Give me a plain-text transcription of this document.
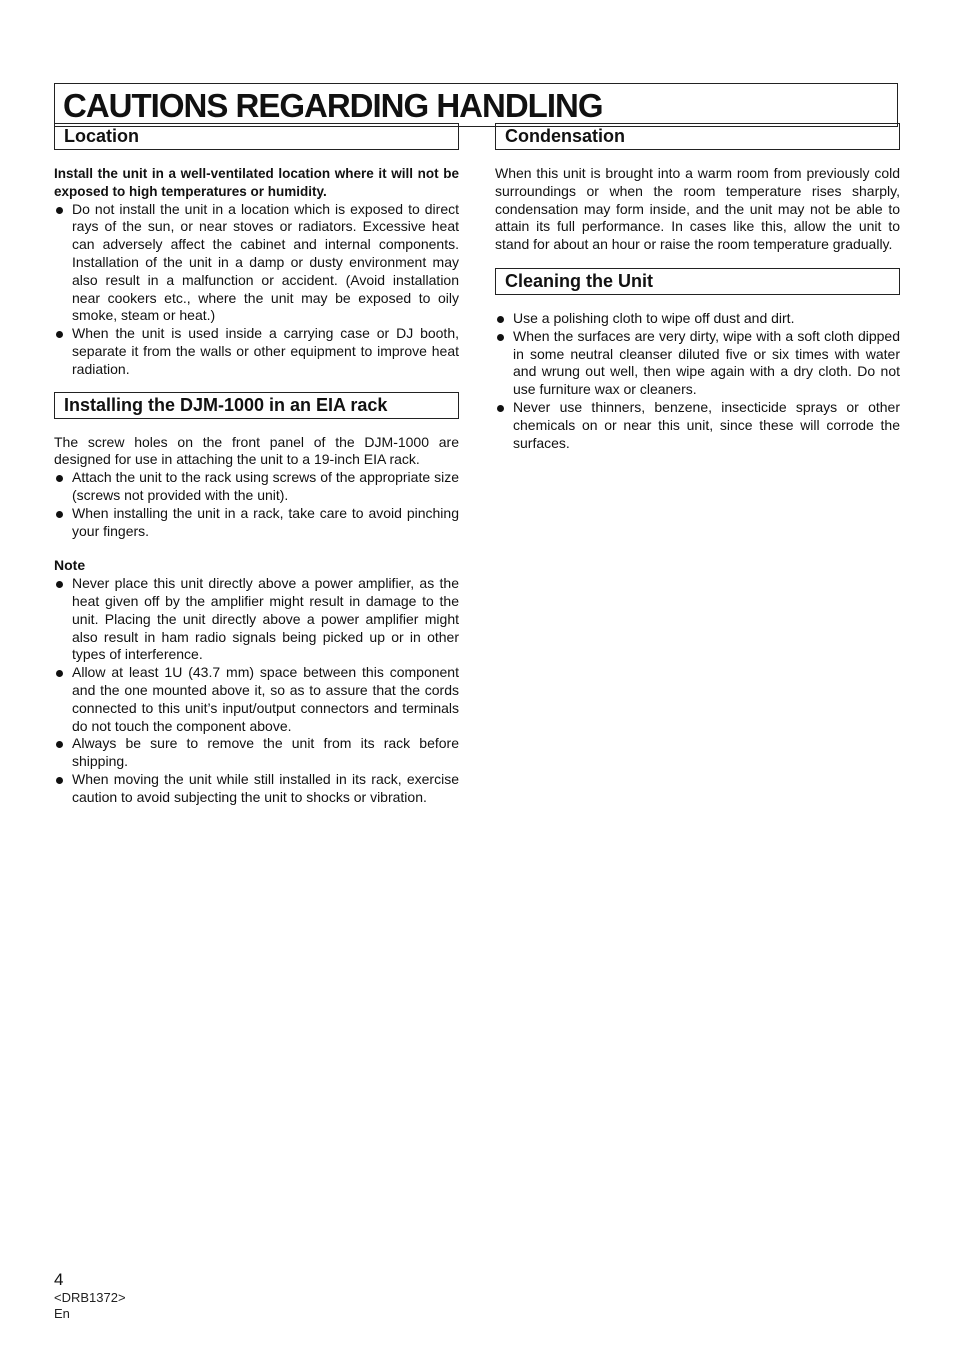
CAUTIONS REGARDING HANDLING
Location

Install the unit in a well-ventilated location where it will not be exposed to high temperatures or humidity.

Do not install the unit in a location which is exposed to direct rays of the sun, or near stoves or radiators. Excessive heat can adversely affect the cabinet and internal components. Installation of the unit in a damp or dusty environment may also result in a malfunction or accident. (Avoid installation near cookers etc., where the unit may be exposed to oily smoke, steam or heat.)
When the unit is used inside a carrying case or DJ booth, separate it from the walls or other equipment to improve heat radiation.
Installing the DJM-1000 in an EIA rack

The screw holes on the front panel of the DJM-1000 are designed for use in attaching the unit to a 19-inch EIA rack.

Attach the unit to the rack using screws of the appropriate size (screws not provided with the unit).
When installing the unit in a rack, take care to avoid pinching your fingers.
Note
Never place this unit directly above a power amplifier, as the heat given off by the amplifier might result in damage to the unit. Placing the unit directly above a power amplifier might also result in ham radio signals being picked up or in other types of interference.
Allow at least 1U (43.7 mm) space between this component and the one mounted above it, so as to assure that the cords connected to this unit’s input/output connectors and terminals do not touch the component above.
Always be sure to remove the unit from its rack before shipping.
When moving the unit while still installed in its rack, exercise caution to avoid subjecting the unit to shocks or vibration.
Condensation

When this unit is brought into a warm room from previously cold surroundings or when the room temperature rises sharply, condensation may form inside, and the unit may not be able to attain its full performance. In cases like this, allow the unit to stand for about an hour or raise the room temperature gradually.

Cleaning the Unit
Use a polishing cloth to wipe off dust and dirt.
When the surfaces are very dirty, wipe with a soft cloth dipped in some neutral cleanser diluted five or six times with water and wrung out well, then wipe again with a dry cloth. Do not use furniture wax or cleaners.
Never use thinners, benzene, insecticide sprays or other chemicals on or near this unit, since these will corrode the surfaces.
4
<DRB1372>
En
